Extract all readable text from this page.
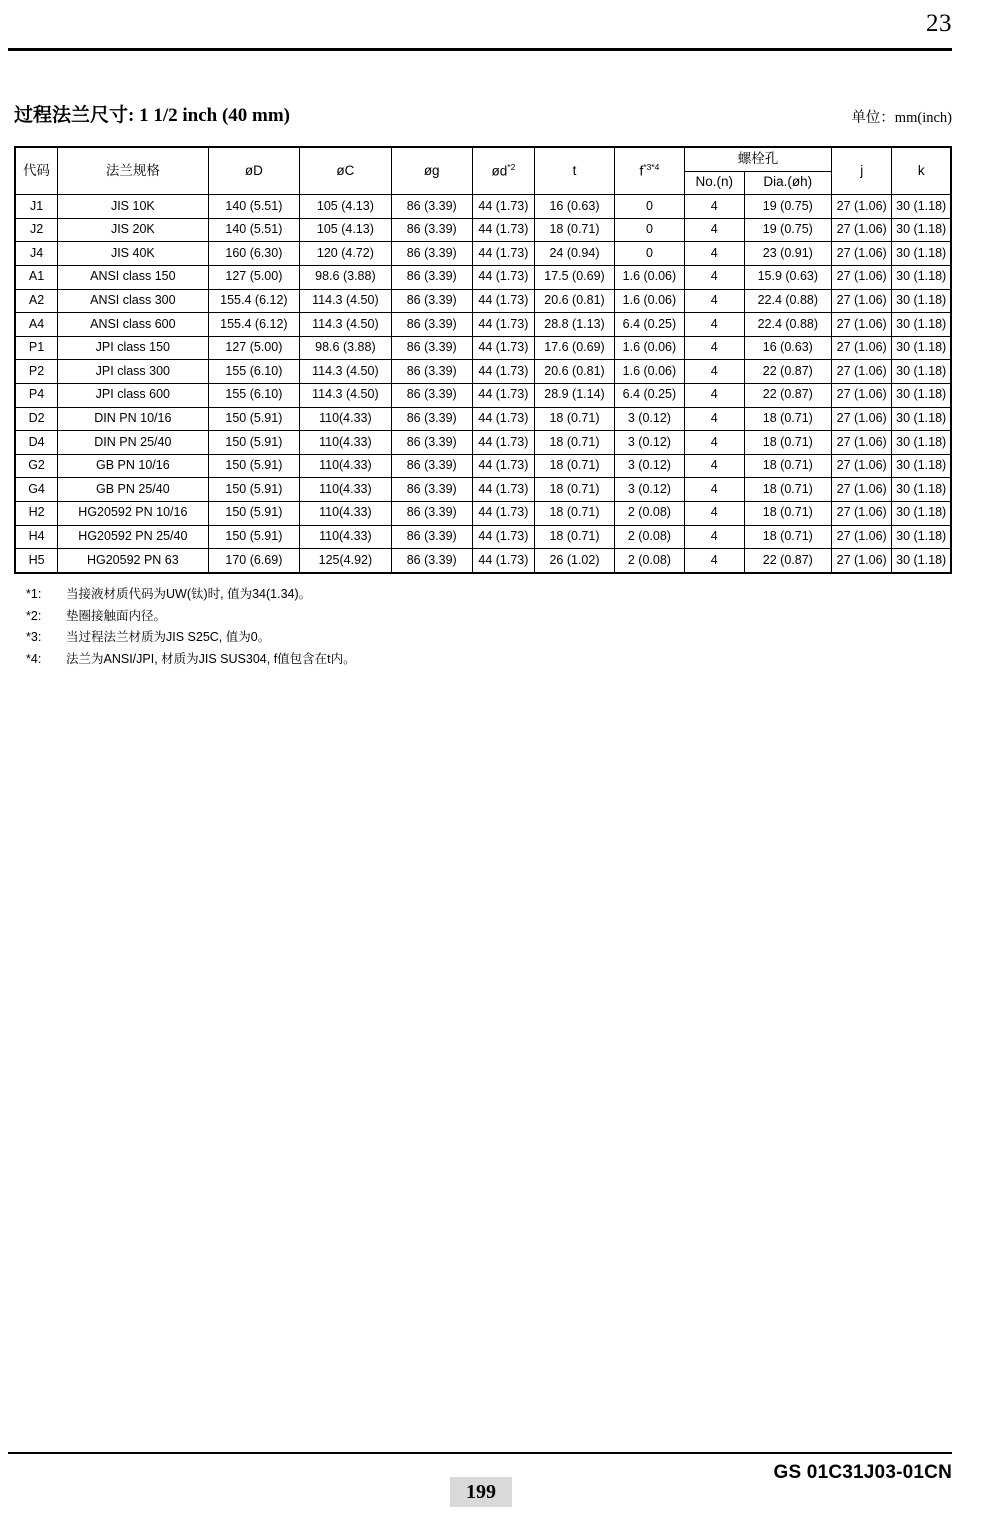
23
过程法兰尺寸: 1 1/2 inch (40 mm)	单位：mm(inch)
代码	法兰规格	øD	øC	øg	$ød^{*2}$	t	$f^{*3*4}$	螺栓孔		j	k
								No.(n)	Dia.(øh)		
J1	JIS 10K	140 (5.51)	105 (4.13)	86 (3.39)	44 (1.73)	16 (0.63)	0	4	19 (0.75)	27 (1.06)	30 (1.18)
J2	JIS 20K	140 (5.51)	105 (4.13)	86 (3.39)	44 (1.73)	18 (0.71)	0	4	19 (0.75)	27 (1.06)	30 (1.18)
J4	JIS 40K	160 (6.30)	120 (4.72)	86 (3.39)	44 (1.73)	24 (0.94)	0	4	23 (0.91)	27 (1.06)	30 (1.18)
A1	ANSI class 150	127 (5.00)	98.6 (3.88)	86 (3.39)	44 (1.73)	17.5 (0.69)	1.6 (0.06)	4	15.9 (0.63)	27 (1.06)	30 (1.18)
A2	ANSI class 300	155.4 (6.12)	114.3 (4.50)	86 (3.39)	44 (1.73)	20.6 (0.81)	1.6 (0.06)	4	22.4 (0.88)	27 (1.06)	30 (1.18)
A4	ANSI class 600	155.4 (6.12)	114.3 (4.50)	86 (3.39)	44 (1.73)	28.8 (1.13)	6.4 (0.25)	4	22.4 (0.88)	27 (1.06)	30 (1.18)
P1	JPI class 150	127 (5.00)	98.6 (3.88)	86 (3.39)	44 (1.73)	17.6 (0.69)	1.6 (0.06)	4	16 (0.63)	27 (1.06)	30 (1.18)
P2	JPI class 300	155 (6.10)	114.3 (4.50)	86 (3.39)	44 (1.73)	20.6 (0.81)	1.6 (0.06)	4	22 (0.87)	27 (1.06)	30 (1.18)
P4	JPI class 600	155 (6.10)	114.3 (4.50)	86 (3.39)	44 (1.73)	28.9 (1.14)	6.4 (0.25)	4	22 (0.87)	27 (1.06)	30 (1.18)
D2	DIN PN 10/16	150 (5.91)	110(4.33)	86 (3.39)	44 (1.73)	18 (0.71)	3 (0.12)	4	18 (0.71)	27 (1.06)	30 (1.18)
D4	DIN PN 25/40	150 (5.91)	110(4.33)	86 (3.39)	44 (1.73)	18 (0.71)	3 (0.12)	4	18 (0.71)	27 (1.06)	30 (1.18)
G2	GB PN 10/16	150 (5.91)	110(4.33)	86 (3.39)	44 (1.73)	18 (0.71)	3 (0.12)	4	18 (0.71)	27 (1.06)	30 (1.18)
G4	GB PN 25/40	150 (5.91)	110(4.33)	86 (3.39)	44 (1.73)	18 (0.71)	3 (0.12)	4	18 (0.71)	27 (1.06)	30 (1.18)
H2	HG20592 PN 10/16	150 (5.91)	110(4.33)	86 (3.39)	44 (1.73)	18 (0.71)	2 (0.08)	4	18 (0.71)	27 (1.06)	30 (1.18)
H4	HG20592 PN 25/40	150 (5.91)	110(4.33)	86 (3.39)	44 (1.73)	18 (0.71)	2 (0.08)	4	18 (0.71)	27 (1.06)	30 (1.18)
H5	HG20592 PN 63	170 (6.69)	125(4.92)	86 (3.39)	44 (1.73)	26 (1.02)	2 (0.08)	4	22 (0.87)	27 (1.06)	30 (1.18)
*1: 当接液材质代码为UW(钛)时, 值为34(1.34)。
*2: 垫圈接触面内径。
*3: 当过程法兰材质为JIS S25C, 值为0。
*4: 法兰为ANSI/JPI, 材质为JIS SUS304, f值包含在t内。
GS 01C31J03-01CN
199
